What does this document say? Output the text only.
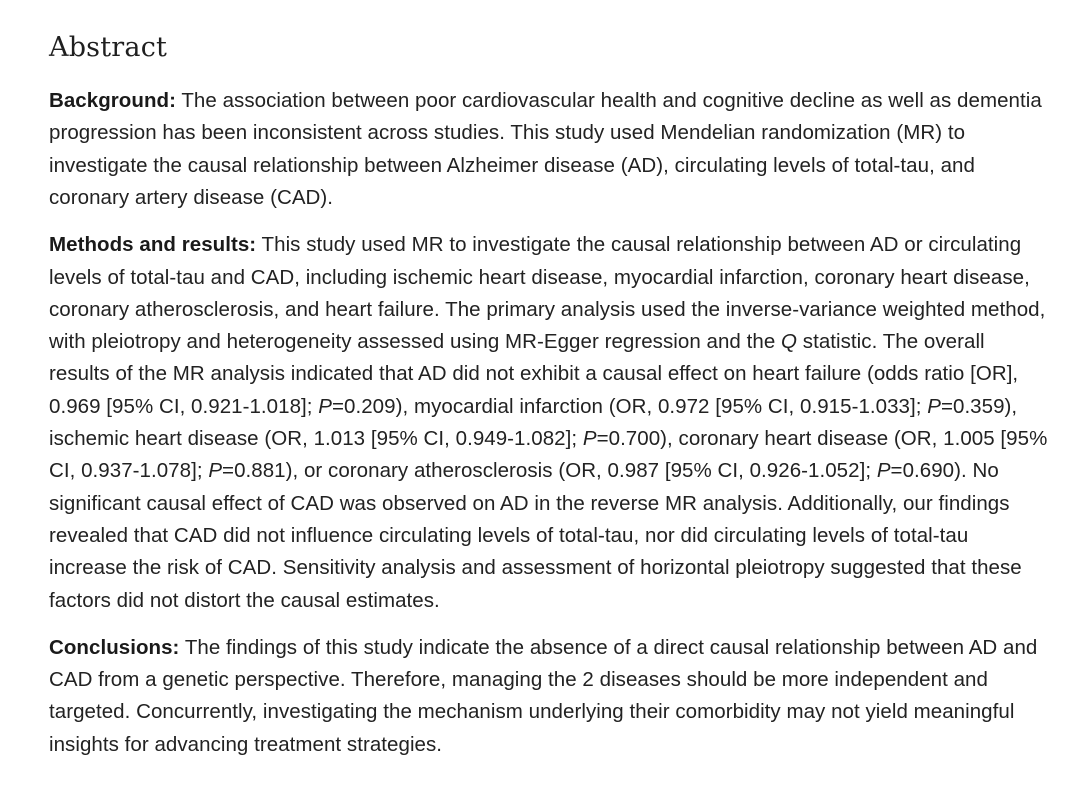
Abstract

Background: The association between poor cardiovascular health and cognitive decline as well as dementia progression has been inconsistent across studies. This study used Mendelian randomization (MR) to investigate the causal relationship between Alzheimer disease (AD), circulating levels of total-tau, and coronary artery disease (CAD).

Methods and results: This study used MR to investigate the causal relationship between AD or circulating levels of total-tau and CAD, including ischemic heart disease, myocardial infarction, coronary heart disease, coronary atherosclerosis, and heart failure. The primary analysis used the inverse-variance weighted method, with pleiotropy and heterogeneity assessed using MR-Egger regression and the Q statistic. The overall results of the MR analysis indicated that AD did not exhibit a causal effect on heart failure (odds ratio [OR], 0.969 [95% CI, 0.921-1.018]; P=0.209), myocardial infarction (OR, 0.972 [95% CI, 0.915-1.033]; P=0.359), ischemic heart disease (OR, 1.013 [95% CI, 0.949-1.082]; P=0.700), coronary heart disease (OR, 1.005 [95% CI, 0.937-1.078]; P=0.881), or coronary atherosclerosis (OR, 0.987 [95% CI, 0.926-1.052]; P=0.690). No significant causal effect of CAD was observed on AD in the reverse MR analysis. Additionally, our findings revealed that CAD did not influence circulating levels of total-tau, nor did circulating levels of total-tau increase the risk of CAD. Sensitivity analysis and assessment of horizontal pleiotropy suggested that these factors did not distort the causal estimates.

Conclusions: The findings of this study indicate the absence of a direct causal relationship between AD and CAD from a genetic perspective. Therefore, managing the 2 diseases should be more independent and targeted. Concurrently, investigating the mechanism underlying their comorbidity may not yield meaningful insights for advancing treatment strategies.
